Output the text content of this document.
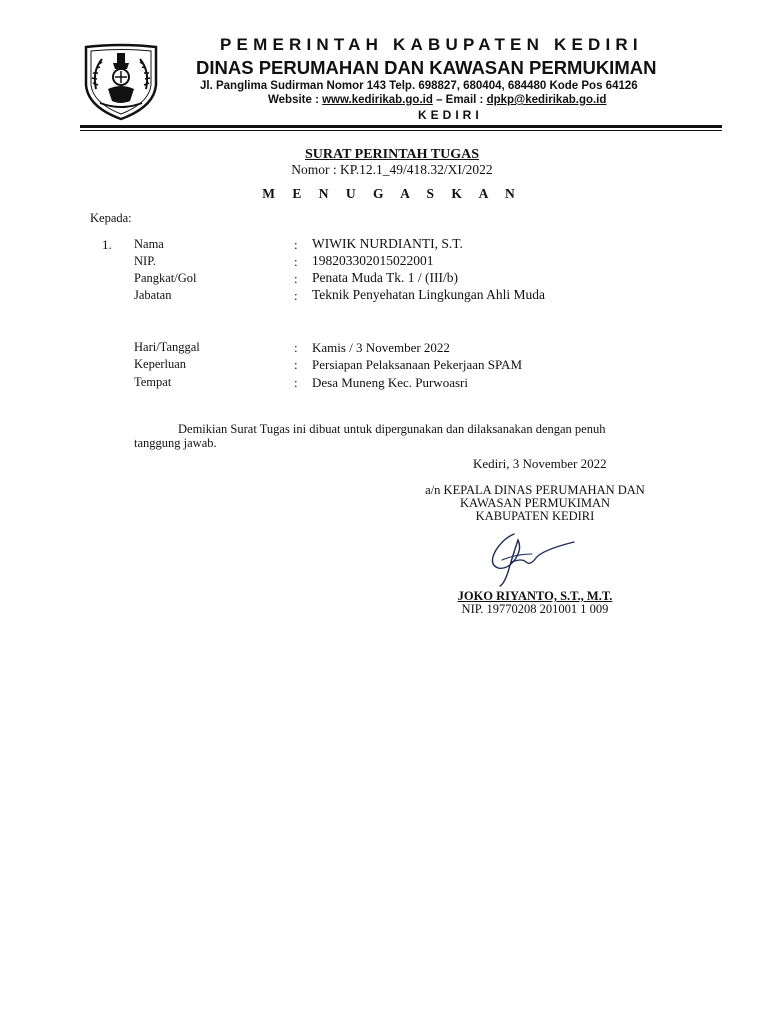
PEMERINTAH KABUPATEN KEDIRI
DINAS PERUMAHAN DAN KAWASAN PERMUKIMAN
Jl. Panglima Sudirman Nomor 143 Telp. 698827, 680404, 684480 Kode Pos 64126
Website : www.kedirikab.go.id – Email : dpkp@kedirikab.go.id
KEDIRI
SURAT PERINTAH TUGAS
Nomor : KP.12.1_49/418.32/XI/2022
M E N U G A S K A N
Kepada:
1. Nama	: WIWIK NURDIANTI, S.T.
NIP.	: 198203302015022001
Pangkat/Gol	: Penata Muda Tk. 1 / (III/b)
Jabatan	: Teknik Penyehatan Lingkungan Ahli Muda
Hari/Tanggal	: Kamis / 3 November 2022
Keperluan	: Persiapan Pelaksanaan Pekerjaan SPAM
Tempat	: Desa Muneng Kec. Purwoasri
Demikian Surat Tugas ini dibuat untuk dipergunakan dan dilaksanakan dengan penuh
tanggung jawab.
Kediri, 3 November 2022
a/n KEPALA DINAS PERUMAHAN DAN
KAWASAN PERMUKIMAN
KABUPATEN KEDIRI
JOKO RIYANTO, S.T., M.T.
NIP. 19770208 201001 1 009
